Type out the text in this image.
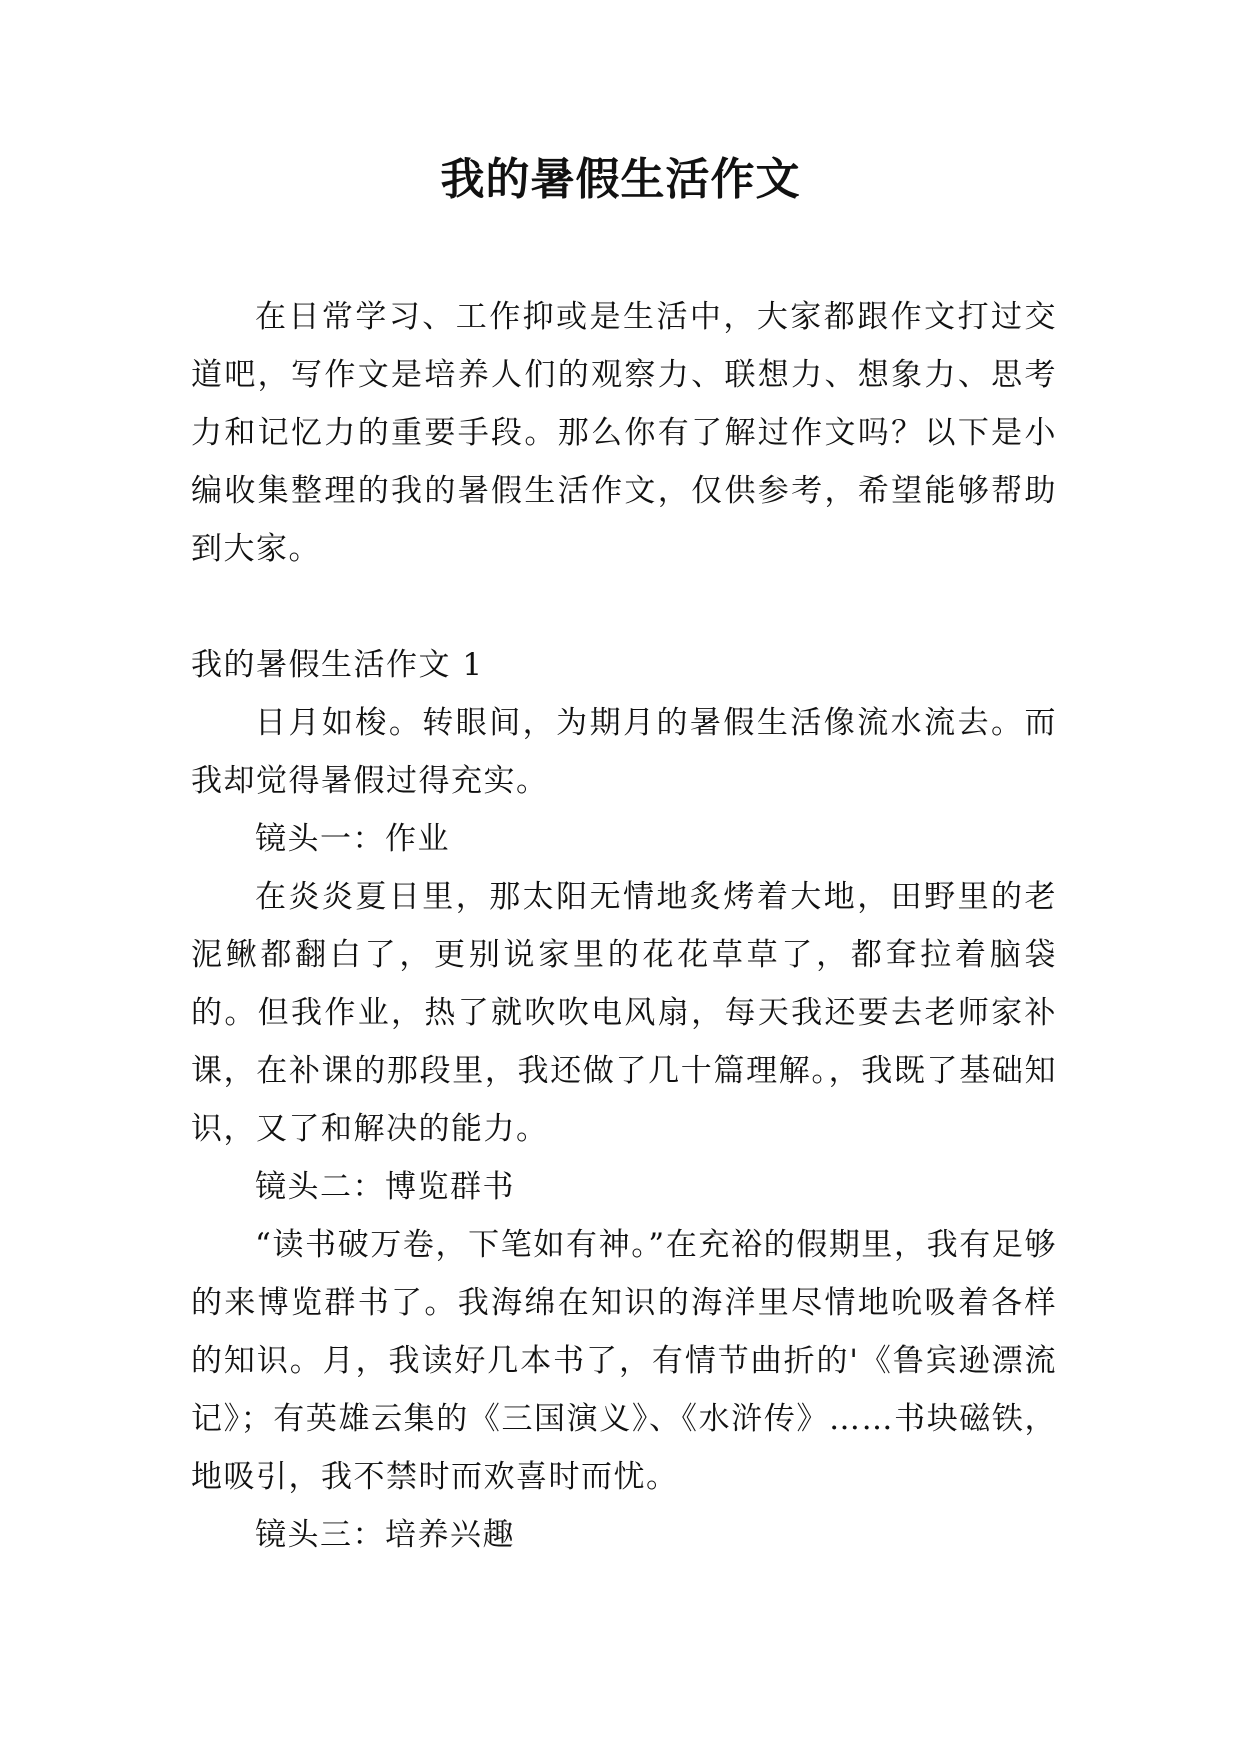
我的暑假生活作文

在日常学习、工作抑或是生活中，大家都跟作文打过交道吧，写作文是培养人们的观察力、联想力、想象力、思考力和记忆力的重要手段。那么你有了解过作文吗？以下是小编收集整理的我的暑假生活作文，仅供参考，希望能够帮助到大家。

我的暑假生活作文 1

日月如梭。转眼间，为期月的暑假生活像流水流去。而我却觉得暑假过得充实。

镜头一：作业

在炎炎夏日里，那太阳无情地炙烤着大地，田野里的老泥鳅都翻白了，更别说家里的花花草草了，都耷拉着脑袋的。但我作业，热了就吹吹电风扇，每天我还要去老师家补课，在补课的那段里，我还做了几十篇理解。，我既了基础知识，又了和解决的能力。

镜头二：博览群书

“读书破万卷，下笔如有神。”在充裕的假期里，我有足够的来博览群书了。我海绵在知识的海洋里尽情地吮吸着各样的知识。月，我读好几本书了，有情节曲折的'《鲁宾逊漂流记》；有英雄云集的《三国演义》、《水浒传》……书块磁铁，地吸引，我不禁时而欢喜时而忧。

镜头三：培养兴趣
